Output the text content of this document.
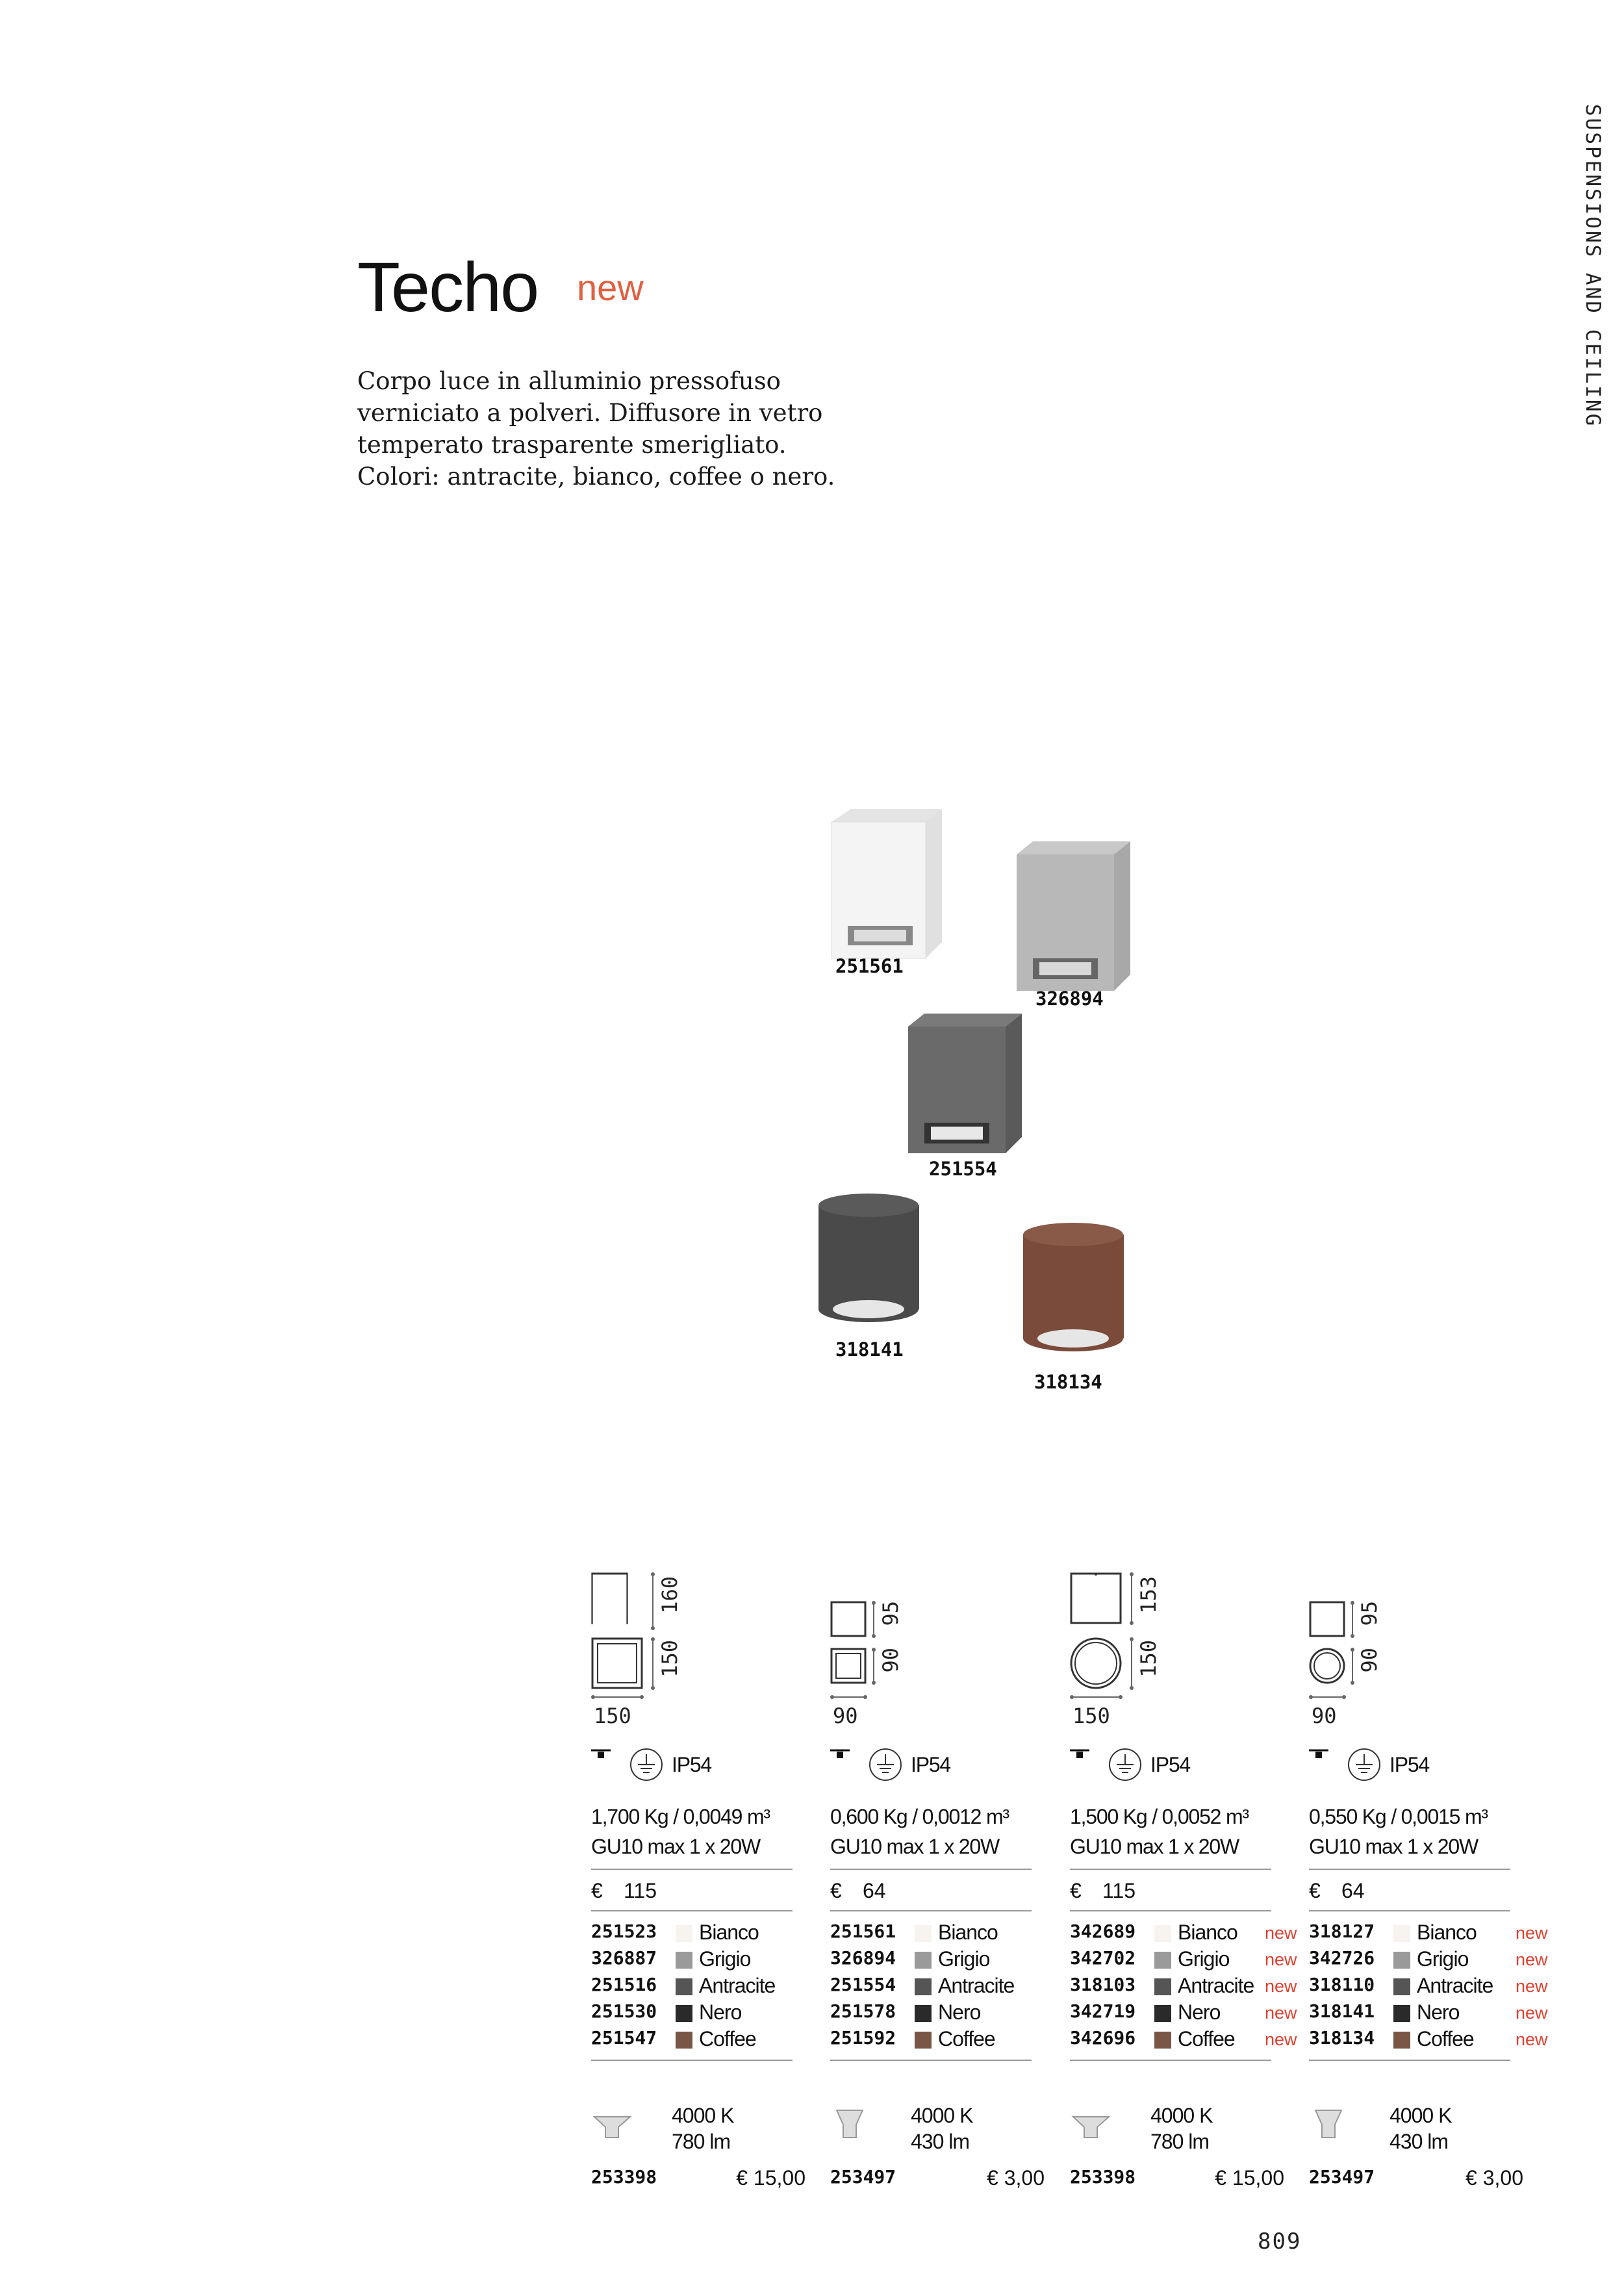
SUSPENSIONS AND CEILING
Techo new
Corpo luce in alluminio pressofuso verniciato a polveri. Diffusore in vetro temperato trasparente smerigliato. Colori: antracite, bianco, coffee o nero.
251561
326894
251554
318141
318134
160
150
150
IP54
1,700 Kg / 0,0049 m³
GU10 max 1 x 20W
€ 115
251523 Bianco
326887 Grigio
251516 Antracite
251530 Nero
251547 Coffee
4000 K
780 lm
253398	€ 15,00
95
90
90
IP54
0,600 Kg / 0,0012 m³
GU10 max 1 x 20W
€ 64
251561 Bianco
326894 Grigio
251554 Antracite
251578 Nero
251592 Coffee
4000 K
430 lm
253497	€ 3,00
153
150
150
IP54
1,500 Kg / 0,0052 m³
GU10 max 1 x 20W
€ 115
342689 Bianco new
342702 Grigio new
318103 Antracite new
342719 Nero	new
342696 Coffee new
4000 K
780 lm
253398	€ 15,00
95
90
90
IP54
0,550 Kg / 0,0015 m³
GU10 max 1 x 20W
€ 64
318127 Bianco new
342726 Grigio	new
318110 Antracite new
318141 Nero	new
318134 Coffee new
4000 K
430 lm
253497	€ 3,00
809
